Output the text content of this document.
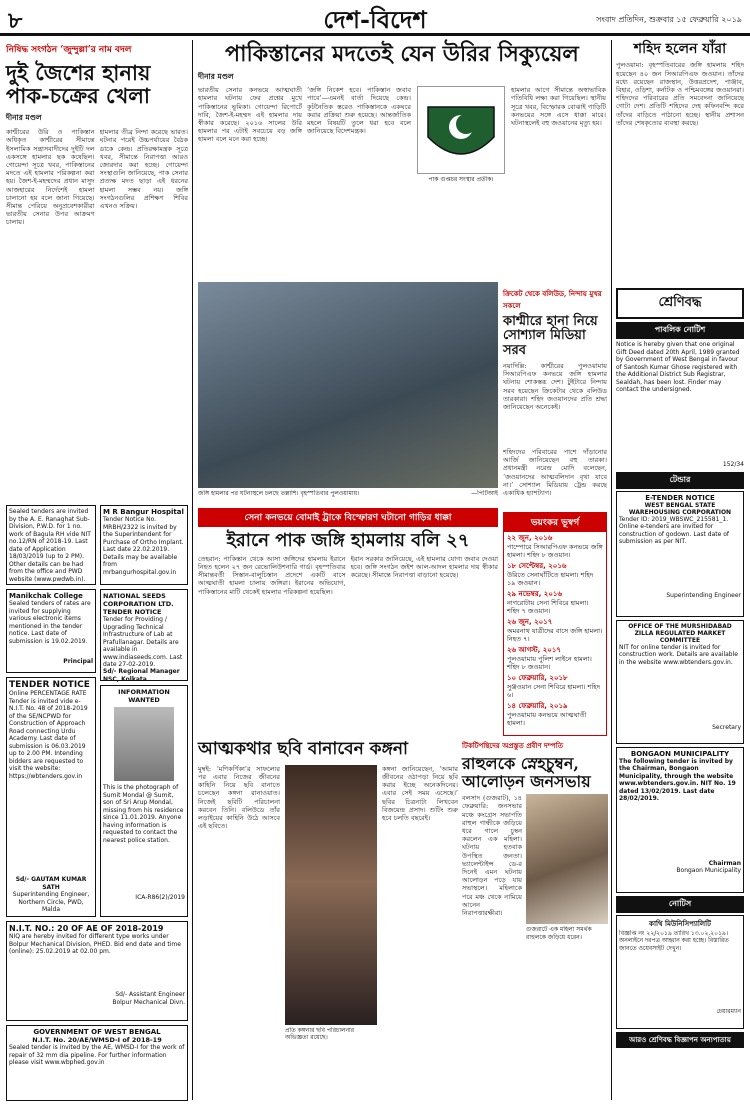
৮	দেশ-বিদেশ	সংবাদ প্রতিদিন, শুক্রবার ১৫ ফেব্রুয়ারি ২০১৯
নিষিদ্ধ সংগঠন ‘জুন্দুল্লা’র নাম বদল
দুই জৈশের হানায়
পাক-চক্রের খেলা
দীনার মণ্ডল
কাশ্মীরের উরি ও পাকিস্তান অধিকৃত কাশ্মীরের সীমান্তে ইসলামিক সন্ত্রাসবাদীদের দুইটি দল একসঙ্গে হামলার ছক কষেছিল। গোয়েন্দা সূত্রে খবর, পাকিস্তানের মদতে এই হামলার পরিকল্পনা করা হয়। জৈশ-ই-মহম্মদের প্রধান মাসুদ আজহারের নির্দেশেই হামলা চালানো হয় বলে জানা গিয়েছে। সীমান্ত পেরিয়ে অনুপ্রবেশকারীরা ভারতীয় সেনার উপর আক্রমণ চালায়।
হামলার তীব্র নিন্দা করেছে ভারত। ঘটনার পরেই উচ্চপর্যায়ের বৈঠক ডাকে কেন্দ্র। প্রতিরক্ষামন্ত্রক সূত্রে খবর, সীমান্তে নিরাপত্তা আরও জোরদার করা হচ্ছে। গোয়েন্দা সংস্থাগুলি জানিয়েছে, পাক সেনার প্রত্যক্ষ মদত ছাড়া এই ধরনের হামলা সম্ভব নয়। জঙ্গি সংগঠনগুলির প্রশিক্ষণ শিবির এখনও সক্রিয়।
Sealed tenders are invited by the A. E. Ranaghat Sub-Division, P.W.D. for 1 no. work of Bagula RH vide NIT no.12/RN of 2018-19. Last date of Application 18/03/2019 (up to 2 PM). Other details can be had from the office and PWD website (www.pwdwb.in).
Manikchak College
Sealed tenders of rates are invited for supplying various electronic items mentioned in the tender notice. Last date of submission is 19.02.2019.
Principal
TENDER NOTICE
Online PERCENTAGE RATE Tender is invited vide e-N.I.T. No. 48 of 2018-2019 of the SE/NCPWD for Construction of Approach Road connecting Urdu Academy. Last date of submission is 06.03.2019 up to 2.00 PM. Intending bidders are requested to visit the website: https://wbtenders.gov.in
Sd/- GAUTAM KUMAR SATH
Superintending Engineer, Northern Circle, PWD, Malda
M R Bangur Hospital
Tender Notice No. MRBH/2322 is invited by the Superintendent for Purchase of Ortho Implant. Last date 22.02.2019. Details may be available from mrbangurhospital.gov.in
NATIONAL SEEDS CORPORATION LTD.
TENDER NOTICE
Tender for Providing / Upgrading Technical Infrastructure of Lab at Prafullanagar. Details are available in www.indiaseeds.com. Last date 27-02-2019.
Sd/- Regional Manager NSC, Kolkata
INFORMATION WANTED
This is the photograph of Sumit Mondal @ Sumit, son of Sri Arup Mondal, missing from his residence since 11.01.2019. Anyone having information is requested to contact the nearest police station.
ICA-R86(2)/2019
N.I.T. NO.: 20 OF AE OF 2018-2019
NIQ are hereby invited for different type works under Bolpur Mechanical Division, PHED. Bid end date and time (online): 25.02.2019 at 02.00 pm.
Sd/- Assistant Engineer
Bolpur Mechanical Divn.
GOVERNMENT OF WEST BENGAL
N.I.T. No. 20/AE/WMSD-I of 2018-19
Sealed tender is invited by the AE, WMSD-I for the work of repair of 32 mm dia pipeline. For further information please visit www.wbphed.gov.in
পাকিস্তানের মদতেই যেন উরির সিক্যুয়েল
দীনার মণ্ডল
ভারতীয় সেনার কনভয়ে আত্মঘাতী হামলার ঘটনায় ফের প্রশ্নের মুখে পাকিস্তানের ভূমিকা। গোয়েন্দা রিপোর্টে দাবি, জৈশ-ই-মহম্মদ এই হামলার দায় স্বীকার করেছে। ২০১৬ সালের উরি হামলার পর এটাই সবচেয়ে বড় জঙ্গি হামলা বলে মনে করা হচ্ছে।
‘জঙ্গি নিকেশ হবে। পাকিস্তান জবাব পাবে’—এমনই বার্তা দিয়েছে কেন্দ্র। কূটনৈতিক স্তরেও পাকিস্তানকে একঘরে করার প্রক্রিয়া শুরু হয়েছে। আন্তর্জাতিক মহলে বিষয়টি তুলে ধরা হবে বলে জানিয়েছে বিদেশমন্ত্রক।
পাক গুপ্তচর সংস্থার প্রতীক।
হামলার আগে সীমান্তে অস্বাভাবিক গতিবিধি লক্ষ্য করা গিয়েছিল। স্থানীয় সূত্রে খবর, বিস্ফোরক বোঝাই গাড়িটি কনভয়ের সঙ্গে এসে ধাক্কা মারে। ঘটনাস্থলেই বহু জওয়ানের মৃত্যু হয়।
জঙ্গি হামলার পর ঘটনাস্থলে চলছে তল্লাশি। বৃহস্পতিবার পুলওয়ামায়।	—পিটিআই
সেনা কনভয়ে বোমাই ট্রাকে বিস্ফোরণ ঘটানো গাড়ির ধাক্কা
ইরানে পাক জঙ্গি হামলায় বলি ২৭
তেহরান: পাকিস্তান থেকে আসা জঙ্গিদের হামলায় ইরানে নিহত হলেন ২৭ জন রেভোলিউশনারি গার্ড। বৃহস্পতিবার সীমান্তবর্তী সিস্তান-বালুচিস্তান প্রদেশে একটি বাসে আত্মঘাতী হামলা চালায় জঙ্গিরা। ইরানের অভিযোগ, পাকিস্তানের মাটি থেকেই হামলার পরিকল্পনা হয়েছিল।
ইরান সরকার জানিয়েছে, এই হামলার যোগ্য জবাব দেওয়া হবে। জঙ্গি সংগঠন জইশ আল-আদল হামলার দায় স্বীকার করেছে। সীমান্তে নিরাপত্তা বাড়ানো হয়েছে।
ক্রিকেট থেকে বলিউড, নিন্দায় মুখর সকলে
কাশ্মীরে হানা নিয়ে
সোশ্যাল মিডিয়া সরব
নয়াদিল্লি: কাশ্মীরের পুলওয়ামায় সিআরপিএফ কনভয়ে জঙ্গি হামলার ঘটনায় শোকস্তব্ধ দেশ। টুইটারে নিন্দায় সরব হয়েছেন ক্রিকেটার থেকে বলিউড তারকারা। শহিদ জওয়ানদের প্রতি শ্রদ্ধা জানিয়েছেন অনেকেই।
শহিদদের পরিবারের পাশে দাঁড়ানোর আর্জি জানিয়েছেন বহু তারকা। প্রধানমন্ত্রী নরেন্দ্র মোদি বলেছেন, ‘জওয়ানদের আত্মবলিদান বৃথা যাবে না।’ সোশ্যাল মিডিয়ায় ট্রেন্ড করছে একাধিক হ্যাশট্যাগ।
ভয়ংকর ভূস্বর্গ
২২ জুন, ২০১৬
পাম্পোরে সিআরপিএফ কনভয়ে জঙ্গি হামলা। শহিদ ৮ জওয়ান।
১৮ সেপ্টেম্বর, ২০১৬
উরিতে সেনাঘাঁটিতে হামলা। শহিদ ১৯ জওয়ান।
২৯ নভেম্বর, ২০১৬
নাগরোটায় সেনা শিবিরে হামলা। শহিদ ৭ জওয়ান।
২৬ জুন, ২০১৭
অমরনাথ যাত্রীদের বাসে জঙ্গি হামলা। নিহত ৭।
২৬ আগস্ট, ২০১৭
পুলওয়ামায় পুলিশ লাইনে হামলা। শহিদ ৮ জওয়ান।
১০ ফেব্রুয়ারি, ২০১৮
সুঞ্জওয়ান সেনা শিবিরে হামলা। শহিদ ৬।
১৪ ফেব্রুয়ারি, ২০১৯
পুলওয়ামায় কনভয়ে আত্মঘাতী হামলা।
আত্মকথার ছবি বানাবেন কঙ্গনা
মুম্বই: ‘মণিকর্ণিকা’র সাফল্যের পর এবার নিজের জীবনের কাহিনি নিয়ে ছবি বানাতে চলেছেন কঙ্গনা রানাওয়াত। নিজেই ছবিটি পরিচালনা করবেন তিনি। বলিউডে তাঁর লড়াইয়ের কাহিনি উঠে আসবে এই ছবিতে।
প্রতি কঙ্গনার ছবি পরিচালনার অভিজ্ঞতা রয়েছে।
কঙ্গনা জানিয়েছেন, ‘আমার জীবনের ওঠাপড়া নিয়ে ছবি করার ইচ্ছে অনেকদিনের। এবার সেই সময় এসেছে।’ ছবির চিত্রনাট্য লিখবেন বিজয়েন্দ্র প্রসাদ। শুটিং শুরু হবে চলতি বছরেই।
টিকটিপন্থিদের অপ্রস্তুত প্রবীণ দম্পতি
রাহুলকে স্নেহচুম্বন,
আলোড়ন জনসভায়
বলসাদ (গুজরাট), ১৪ ফেব্রুয়ারি: জনসভার মঞ্চে কংগ্রেস সভাপতি রাহুল গান্ধীকে জড়িয়ে ধরে গালে চুম্বন করলেন এক মহিলা। ঘটনায় হতবাক উপস্থিত জনতা। ভ্যালেন্টাইন্স ডে-র দিনেই এমন ঘটনায় আলোড়ন পড়ে যায় সভাস্থলে। মহিলাকে পরে মঞ্চ থেকে নামিয়ে আনেন নিরাপত্তারক্ষীরা।
গুজরাটে এক মহিলা সমর্থক রাহুলকে জড়িয়ে ধরেন।
শহিদ হলেন যাঁরা
পুলওয়ামা: বৃহস্পতিবারের জঙ্গি হামলায় শহিদ হয়েছেন ৪০ জন সিআরপিএফ জওয়ান। তাঁদের মধ্যে রয়েছেন রাজস্থান, উত্তরপ্রদেশ, পাঞ্জাব, বিহার, ওড়িশা, কর্নাটক ও পশ্চিমবঙ্গের জওয়ানরা। শহিদদের পরিবারের প্রতি সমবেদনা জানিয়েছে গোটা দেশ। প্রতিটি শহিদের দেহ কফিনবন্দি করে তাঁদের বাড়িতে পাঠানো হচ্ছে। স্থানীয় প্রশাসন তাঁদের শেষকৃত্যের ব্যবস্থা করছে।
শ্রেণিবদ্ধ
পাবলিক নোটিশ
Notice is hereby given that one original Gift Deed dated 20th April, 1989 granted by Government of West Bengal in favour of Santosh Kumar Ghose registered with the Additional District Sub Registrar, Sealdah, has been lost. Finder may contact the undersigned.
152/34
টেন্ডার
E-TENDER NOTICE
WEST BENGAL STATE WAREHOUSING CORPORATION
Tender ID: 2019_WBSWC_215581_1. Online e-tenders are invited for construction of godown. Last date of submission as per NIT.
Superintending Engineer
OFFICE OF THE MURSHIDABAD ZILLA REGULATED MARKET COMMITTEE
NIT for online tender is invited for construction work. Details are available in the website www.wbtenders.gov.in.
Secretary
BONGAON MUNICIPALITY
The following tender is invited by the Chairman, Bongaon Municipality, through the website www.wbtenders.gov.in. NIT No. 19 dated 13/02/2019. Last date 28/02/2019.
Chairman
Bongaon Municipality
নোটিস
কাথি মিউনিসিপ্যালিটি
বিজ্ঞপ্তি নং ২২/২০১৯ তারিখ ১৩.০২.২০১৯। অনলাইনে দরপত্র আহ্বান করা হচ্ছে। বিস্তারিত জানতে ওয়েবসাইট দেখুন।
চেয়ারম্যান
আরও শ্রেণিবদ্ধ বিজ্ঞাপন অন্যপাতায়
